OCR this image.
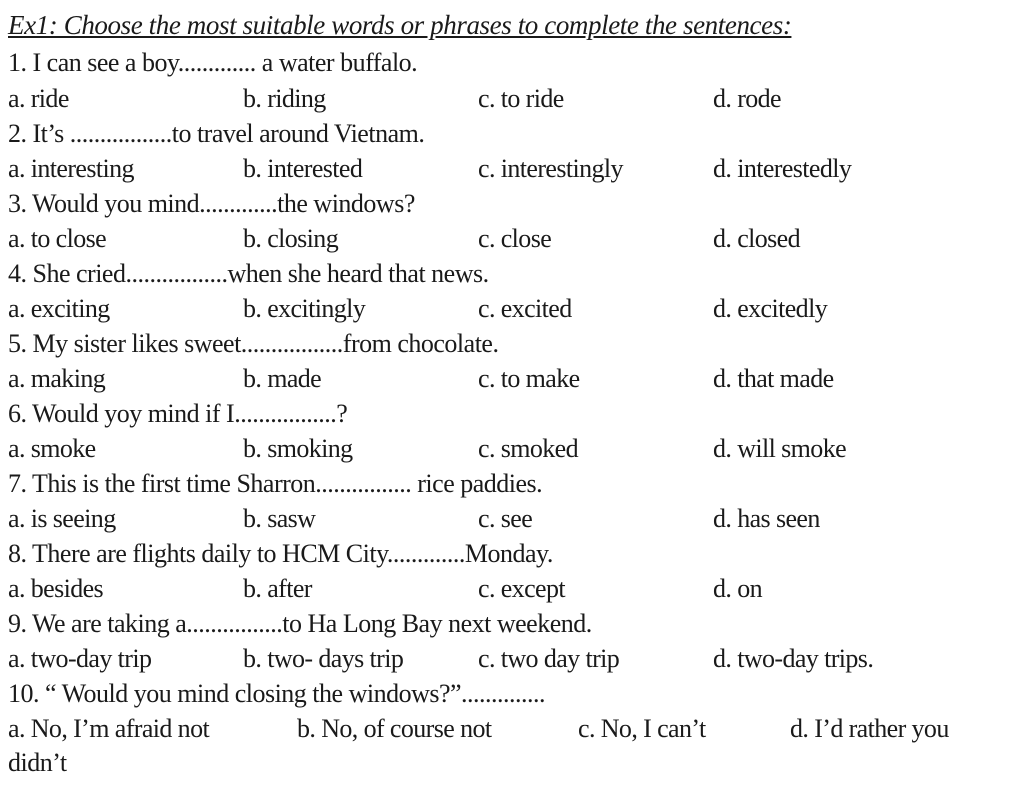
Ex1: Choose the most suitable words or phrases to complete the sentences:
1. I can see a boy............. a water buffalo.
a. ride	b. riding	c. to ride	d. rode
2. It’s .................to travel around Vietnam.
a. interesting	b. interested	c. interestingly	d. interestedly
3. Would you mind.............the windows?
a. to close	b. closing	c. close	d. closed
4. She cried.................when she heard that news.
a. exciting	b. excitingly	c. excited	d. excitedly
5. My sister likes sweet.................from chocolate.
a. making	b. made	c. to make	d. that made
6. Would yoy mind if I.................?
a. smoke	b. smoking	c. smoked	d. will smoke
7. This is the first time Sharron................ rice paddies.
a. is seeing	b. sasw	c. see	d. has seen
8. There are flights daily to HCM City.............Monday.
a. besides	b. after	c. except	d. on
9. We are taking a................to Ha Long Bay next weekend.
a. two-day trip	b. two- days trip	c. two day trip	d. two-day trips.
10. “ Would you mind closing the windows?”..............
a. No, I’m afraid not	b. No, of course not	c. No, I can’t	d. I’d rather you
didn’t
